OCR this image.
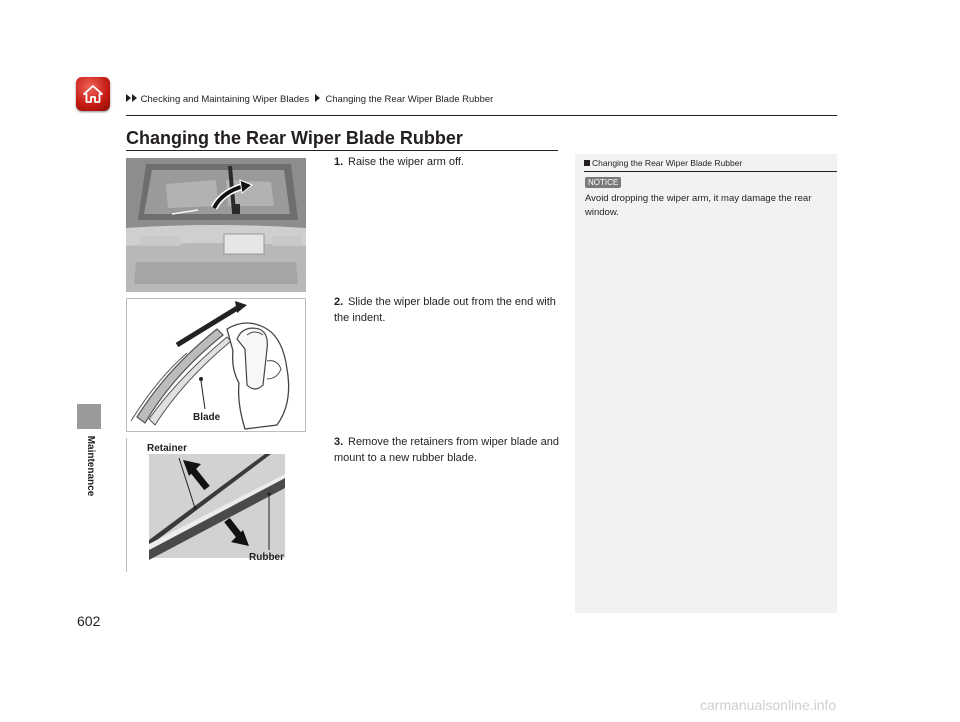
Checking and Maintaining Wiper Blades Changing the Rear Wiper Blade Rubber
Changing the Rear Wiper Blade Rubber
Maintenance
602
Blade
Retainer
Rubber
1. Raise the wiper arm off.
2. Slide the wiper blade out from the end with the indent.
3. Remove the retainers from wiper blade and mount to a new rubber blade.
Changing the Rear Wiper Blade Rubber
NOTICE
Avoid dropping the wiper arm, it may damage the rear window.
carmanualsonline.info
